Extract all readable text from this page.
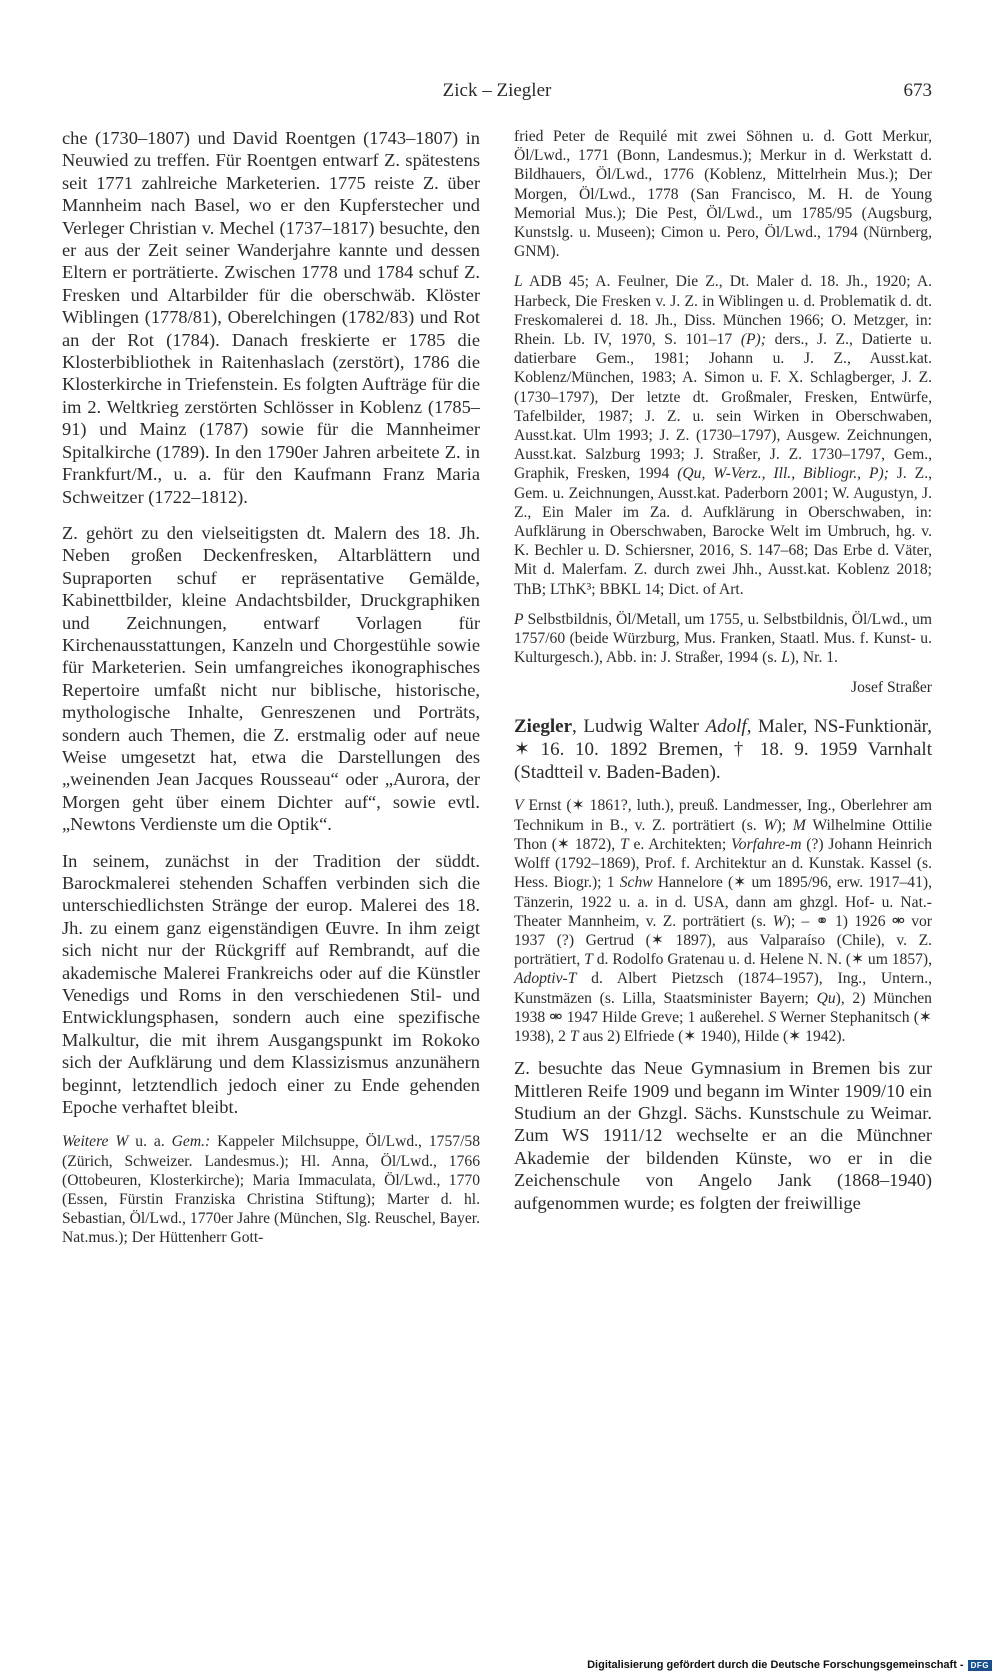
Zick – Ziegler	673

che (1730–1807) und David Roentgen (1743–1807) in Neuwied zu treffen. Für Roentgen entwarf Z. spätestens seit 1771 zahlreiche Marketerien. 1775 reiste Z. über Mannheim nach Basel, wo er den Kupferstecher und Verleger Christian v. Mechel (1737–1817) besuchte, den er aus der Zeit seiner Wanderjahre kannte und dessen Eltern er porträtierte. Zwischen 1778 und 1784 schuf Z. Fresken und Altarbilder für die oberschwäb. Klöster Wiblingen (1778/81), Oberelchingen (1782/83) und Rot an der Rot (1784). Danach freskierte er 1785 die Klosterbibliothek in Raitenhaslach (zerstört), 1786 die Klosterkirche in Triefenstein. Es folgten Aufträge für die im 2. Weltkrieg zerstörten Schlösser in Koblenz (1785–91) und Mainz (1787) sowie für die Mannheimer Spitalkirche (1789). In den 1790er Jahren arbeitete Z. in Frankfurt/M., u. a. für den Kaufmann Franz Maria Schweitzer (1722–1812).

Z. gehört zu den vielseitigsten dt. Malern des 18. Jh. Neben großen Deckenfresken, Altarblättern und Supraporten schuf er repräsentative Gemälde, Kabinettbilder, kleine Andachtsbilder, Druckgraphiken und Zeichnungen, entwarf Vorlagen für Kirchenausstattungen, Kanzeln und Chorgestühle sowie für Marketerien. Sein umfangreiches ikonographisches Repertoire umfaßt nicht nur biblische, historische, mythologische Inhalte, Genreszenen und Porträts, sondern auch Themen, die Z. erstmalig oder auf neue Weise umgesetzt hat, etwa die Darstellungen des „weinenden Jean Jacques Rousseau“ oder „Aurora, der Morgen geht über einem Dichter auf“, sowie evtl. „Newtons Verdienste um die Optik“.

In seinem, zunächst in der Tradition der süddt. Barockmalerei stehenden Schaffen verbinden sich die unterschiedlichsten Stränge der europ. Malerei des 18. Jh. zu einem ganz eigenständigen Œuvre. In ihm zeigt sich nicht nur der Rückgriff auf Rembrandt, auf die akademische Malerei Frankreichs oder auf die Künstler Venedigs und Roms in den verschiedenen Stil- und Entwicklungsphasen, sondern auch eine spezifische Malkultur, die mit ihrem Ausgangspunkt im Rokoko sich der Aufklärung und dem Klassizismus anzunähern beginnt, letztendlich jedoch einer zu Ende gehenden Epoche verhaftet bleibt.

Weitere W u. a. Gem.: Kappeler Milchsuppe, Öl/Lwd., 1757/58 (Zürich, Schweizer. Landesmus.); Hl. Anna, Öl/Lwd., 1766 (Ottobeuren, Klosterkirche); Maria Immaculata, Öl/Lwd., 1770 (Essen, Fürstin Franziska Christina Stiftung); Marter d. hl. Sebastian, Öl/Lwd., 1770er Jahre (München, Slg. Reuschel, Bayer. Nat.mus.); Der Hüttenherr Gott-

fried Peter de Requilé mit zwei Söhnen u. d. Gott Merkur, Öl/Lwd., 1771 (Bonn, Landesmus.); Merkur in d. Werkstatt d. Bildhauers, Öl/Lwd., 1776 (Koblenz, Mittelrhein Mus.); Der Morgen, Öl/Lwd., 1778 (San Francisco, M. H. de Young Memorial Mus.); Die Pest, Öl/Lwd., um 1785/95 (Augsburg, Kunstslg. u. Museen); Cimon u. Pero, Öl/Lwd., 1794 (Nürnberg, GNM).

L ADB 45; A. Feulner, Die Z., Dt. Maler d. 18. Jh., 1920; A. Harbeck, Die Fresken v. J. Z. in Wiblingen u. d. Problematik d. dt. Freskomalerei d. 18. Jh., Diss. München 1966; O. Metzger, in: Rhein. Lb. IV, 1970, S. 101–17 (P); ders., J. Z., Datierte u. datierbare Gem., 1981; Johann u. J. Z., Ausst.kat. Koblenz/München, 1983; A. Simon u. F. X. Schlagberger, J. Z. (1730–1797), Der letzte dt. Großmaler, Fresken, Entwürfe, Tafelbilder, 1987; J. Z. u. sein Wirken in Oberschwaben, Ausst.kat. Ulm 1993; J. Z. (1730–1797), Ausgew. Zeichnungen, Ausst.kat. Salzburg 1993; J. Straßer, J. Z. 1730–1797, Gem., Graphik, Fresken, 1994 (Qu, W-Verz., Ill., Bibliogr., P); J. Z., Gem. u. Zeichnungen, Ausst.kat. Paderborn 2001; W. Augustyn, J. Z., Ein Maler im Za. d. Aufklärung in Oberschwaben, in: Aufklärung in Oberschwaben, Barocke Welt im Umbruch, hg. v. K. Bechler u. D. Schiersner, 2016, S. 147–68; Das Erbe d. Väter, Mit d. Malerfam. Z. durch zwei Jhh., Ausst.kat. Koblenz 2018; ThB; LThK³; BBKL 14; Dict. of Art.

P Selbstbildnis, Öl/Metall, um 1755, u. Selbstbildnis, Öl/Lwd., um 1757/60 (beide Würzburg, Mus. Franken, Staatl. Mus. f. Kunst- u. Kulturgesch.), Abb. in: J. Straßer, 1994 (s. L), Nr. 1.

Josef Straßer

Ziegler, Ludwig Walter Adolf, Maler, NS-Funktionär, ✶ 16. 10. 1892 Bremen, † 18. 9. 1959 Varnhalt (Stadtteil v. Baden-Baden).

V Ernst (✶ 1861?, luth.), preuß. Landmesser, Ing., Oberlehrer am Technikum in B., v. Z. porträtiert (s. W); M Wilhelmine Ottilie Thon (✶ 1872), T e. Architekten; Vorfahre-m (?) Johann Heinrich Wolff (1792–1869), Prof. f. Architektur an d. Kunstak. Kassel (s. Hess. Biogr.); 1 Schw Hannelore (✶ um 1895/96, erw. 1917–41), Tänzerin, 1922 u. a. in d. USA, dann am ghzgl. Hof- u. Nat.-Theater Mannheim, v. Z. porträtiert (s. W); – ⚭ 1) 1926 ⚮ vor 1937 (?) Gertrud (✶ 1897), aus Valparaíso (Chile), v. Z. porträtiert, T d. Rodolfo Gratenau u. d. Helene N. N. (✶ um 1857), Adoptiv-T d. Albert Pietzsch (1874–1957), Ing., Untern., Kunstmäzen (s. Lilla, Staatsminister Bayern; Qu), 2) München 1938 ⚮ 1947 Hilde Greve; 1 außerehel. S Werner Stephanitsch (✶ 1938), 2 T aus 2) Elfriede (✶ 1940), Hilde (✶ 1942).

Z. besuchte das Neue Gymnasium in Bremen bis zur Mittleren Reife 1909 und begann im Winter 1909/10 ein Studium an der Ghzgl. Sächs. Kunstschule zu Weimar. Zum WS 1911/12 wechselte er an die Münchner Akademie der bildenden Künste, wo er in die Zeichenschule von Angelo Jank (1868–1940) aufgenommen wurde; es folgten der freiwillige

Digitalisierung gefördert durch die Deutsche Forschungsgemeinschaft - DFG
